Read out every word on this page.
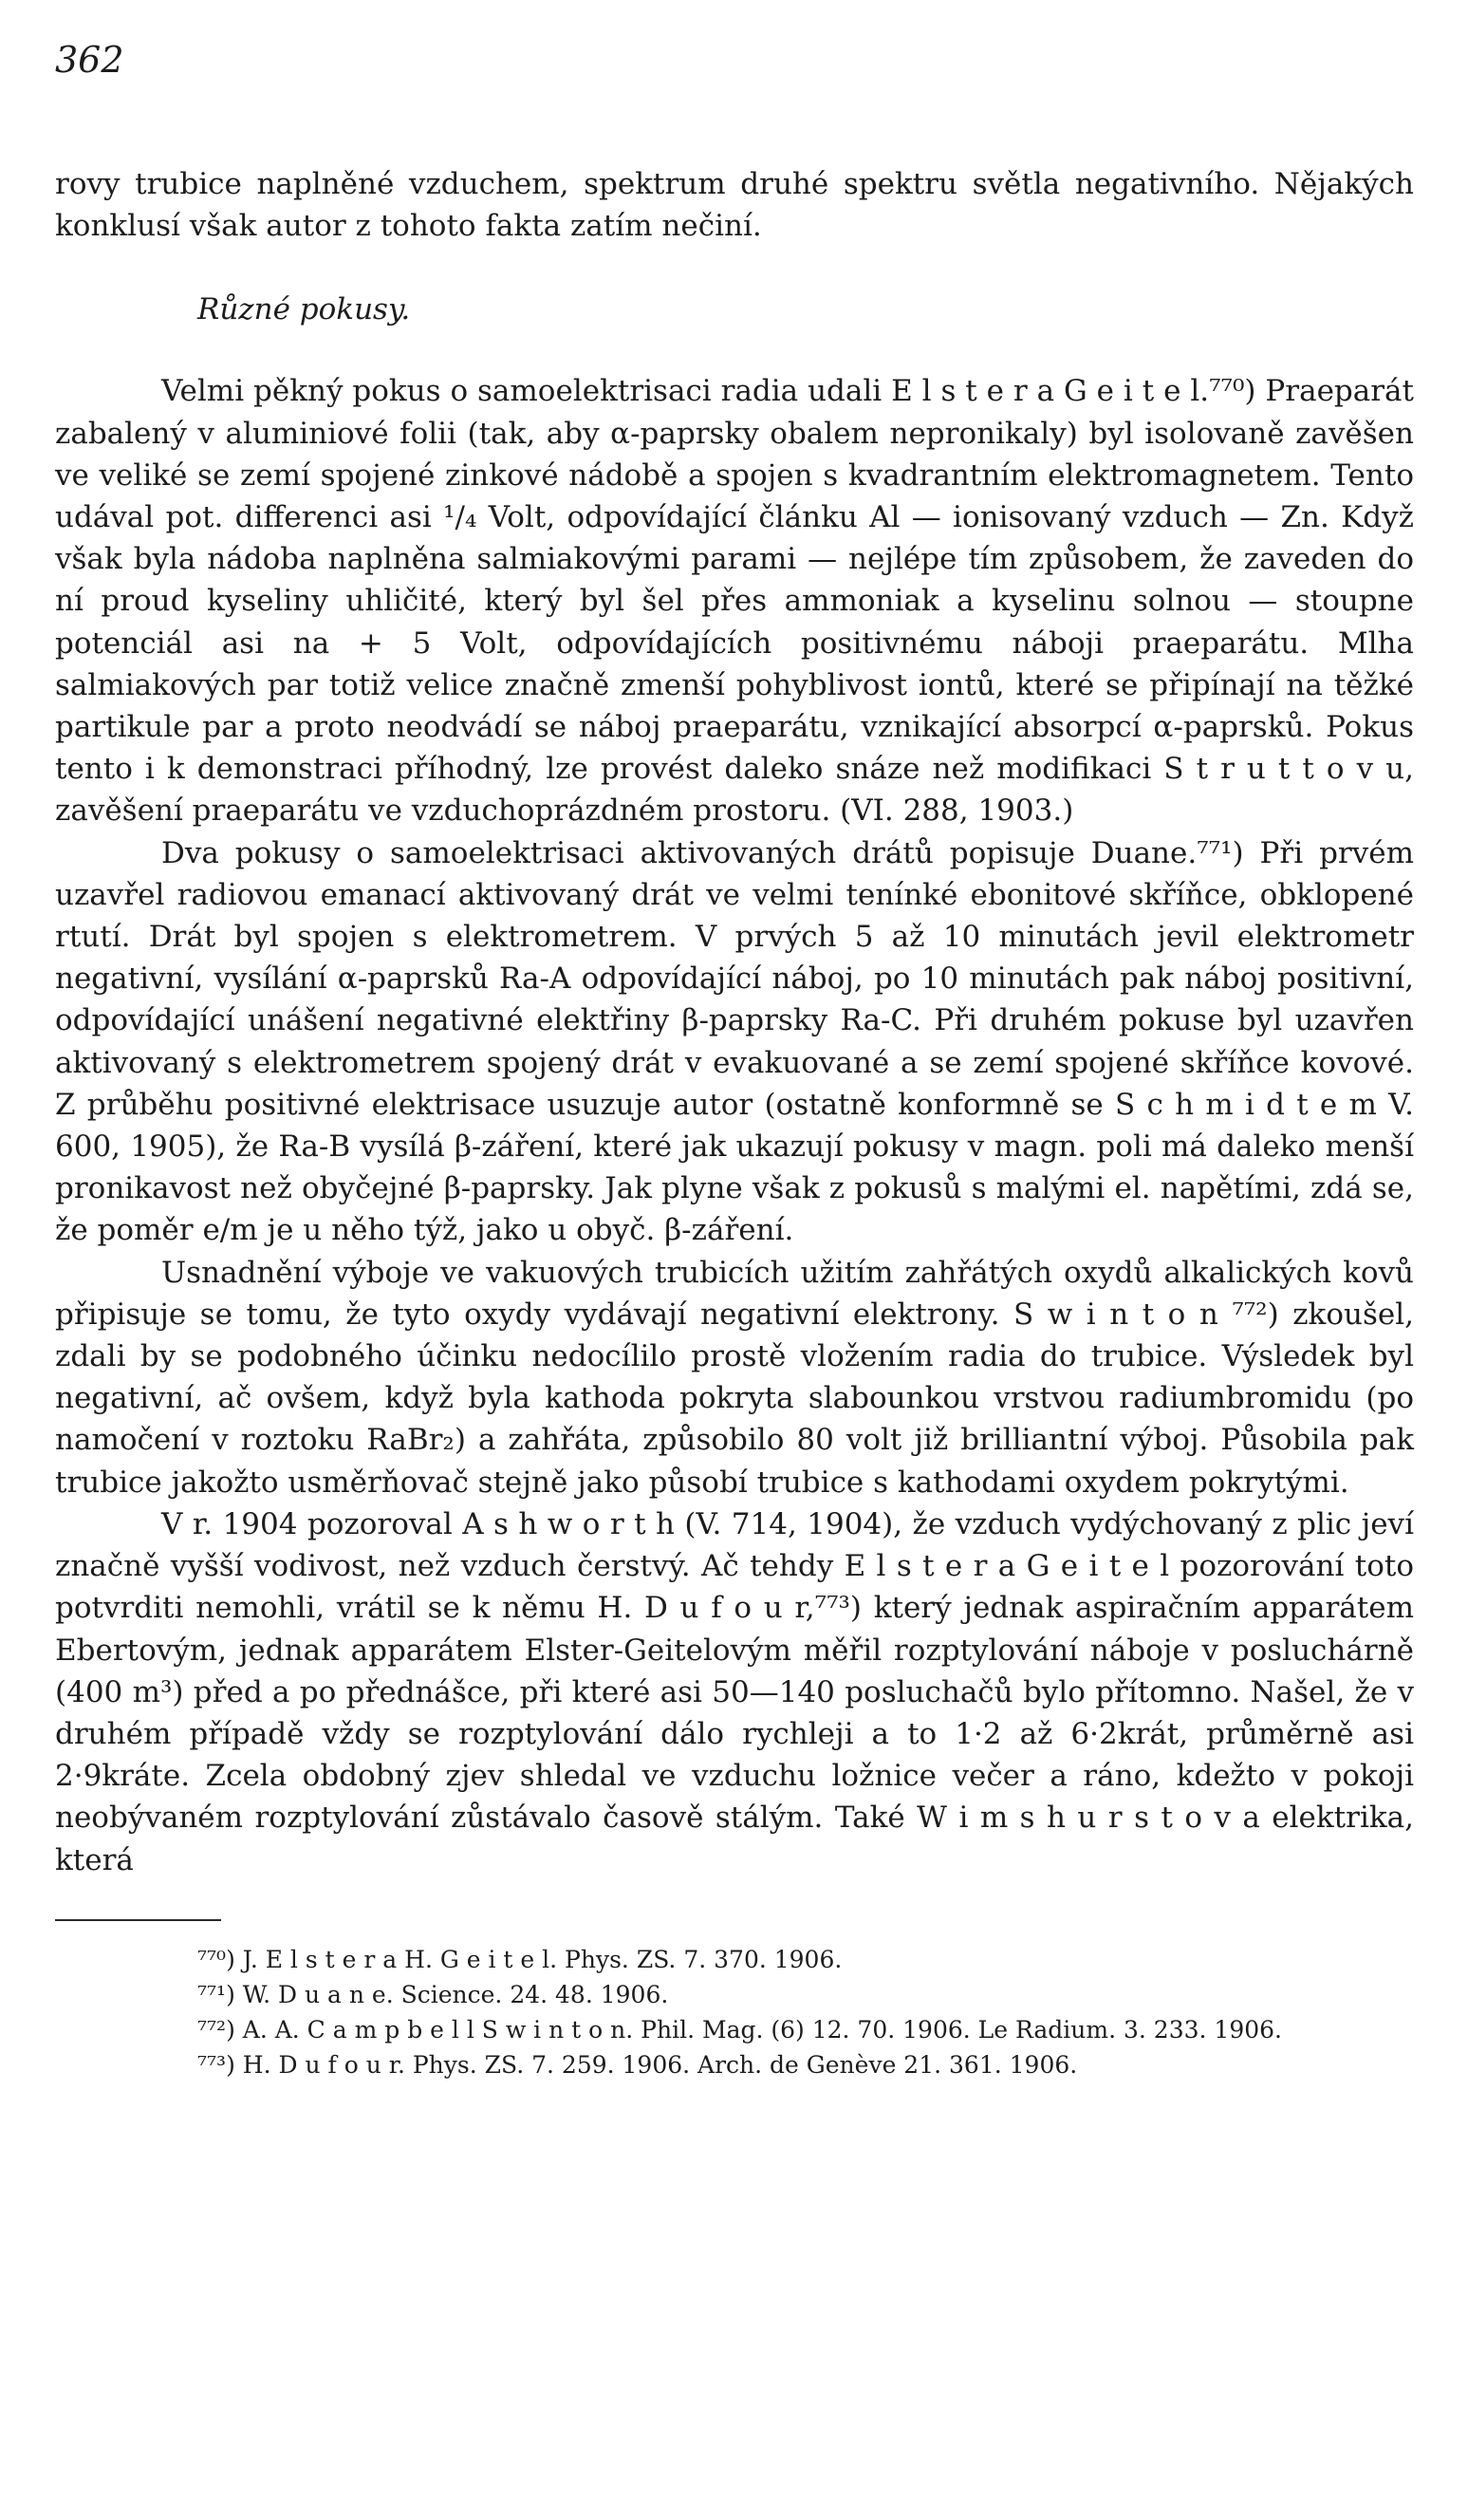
362

rovy trubice naplněné vzduchem, spektrum druhé spektru světla negativního. Nějakých konklusí však autor z tohoto fakta zatím nečiní.

Různé pokusy.

Velmi pěkný pokus o samoelektrisaci radia udali E l s t e r a G e i t e l.⁷⁷⁰) Praeparát zabalený v aluminiové folii (tak, aby α-paprsky obalem nepronikaly) byl isolovaně zavěšen ve veliké se zemí spojené zinkové nádobě a spojen s kvadrantním elektromagnetem. Tento udával pot. differenci asi ¹/₄ Volt, odpovídající článku Al — ionisovaný vzduch — Zn. Když však byla nádoba naplněna salmiakovými parami — nejlépe tím způsobem, že zaveden do ní proud kyseliny uhličité, který byl šel přes ammoniak a kyselinu solnou — stoupne potenciál asi na + 5 Volt, odpovídajících positivnému náboji praeparátu. Mlha salmiakových par totiž velice značně zmenší pohyblivost iontů, které se připínají na těžké partikule par a proto neodvádí se náboj praeparátu, vznikající absorpcí α-paprsků. Pokus tento i k demonstraci příhodný, lze provést daleko snáze než modifikaci S t r u t t o v u, zavěšení praeparátu ve vzduchoprázdném prostoru. (VI. 288, 1903.)

Dva pokusy o samoelektrisaci aktivovaných drátů popisuje Duane.⁷⁷¹) Při prvém uzavřel radiovou emanací aktivovaný drát ve velmi tenínké ebonitové skříňce, obklopené rtutí. Drát byl spojen s elektrometrem. V prvých 5 až 10 minutách jevil elektrometr negativní, vysílání α-paprsků Ra-A odpovídající náboj, po 10 minutách pak náboj positivní, odpovídající unášení negativné elektřiny β-paprsky Ra-C. Při druhém pokuse byl uzavřen aktivovaný s elektrometrem spojený drát v evakuované a se zemí spojené skříňce kovové. Z průběhu positivné elektrisace usuzuje autor (ostatně konformně se S c h m i d t e m V. 600, 1905), že Ra-B vysílá β-záření, které jak ukazují pokusy v magn. poli má daleko menší pronikavost než obyčejné β-paprsky. Jak plyne však z pokusů s malými el. napětími, zdá se, že poměr e/m je u něho týž, jako u obyč. β-záření.

Usnadnění výboje ve vakuových trubicích užitím zahřátých oxydů alkalických kovů připisuje se tomu, že tyto oxydy vydávají negativní elektrony. S w i n t o n ⁷⁷²) zkoušel, zdali by se podobného účinku nedocílilo prostě vložením radia do trubice. Výsledek byl negativní, ač ovšem, když byla kathoda pokryta slabounkou vrstvou radiumbromidu (po namočení v roztoku RaBr₂) a zahřáta, způsobilo 80 volt již brilliantní výboj. Působila pak trubice jakožto usměrňovač stejně jako působí trubice s kathodami oxydem pokrytými.

V r. 1904 pozoroval A s h w o r t h (V. 714, 1904), že vzduch vydýchovaný z plic jeví značně vyšší vodivost, než vzduch čerstvý. Ač tehdy E l s t e r a G e i t e l pozorování toto potvrditi nemohli, vrátil se k němu H. D u f o u r,⁷⁷³) který jednak aspiračním apparátem Ebertovým, jednak apparátem Elster-Geitelovým měřil rozptylování náboje v posluchárně (400 m³) před a po přednášce, při které asi 50—140 posluchačů bylo přítomno. Našel, že v druhém případě vždy se rozptylování dálo rychleji a to 1·2 až 6·2krát, průměrně asi 2·9kráte. Zcela obdobný zjev shledal ve vzduchu ložnice večer a ráno, kdežto v pokoji neobývaném rozptylování zůstávalo časově stálým. Také W i m s h u r s t o v a elektrika, která

⁷⁷⁰) J. E l s t e r a H. G e i t e l. Phys. ZS. 7. 370. 1906.

⁷⁷¹) W. D u a n e. Science. 24. 48. 1906.

⁷⁷²) A. A. C a m p b e l l S w i n t o n. Phil. Mag. (6) 12. 70. 1906. Le Radium. 3. 233. 1906.

⁷⁷³) H. D u f o u r. Phys. ZS. 7. 259. 1906. Arch. de Genève 21. 361. 1906.
